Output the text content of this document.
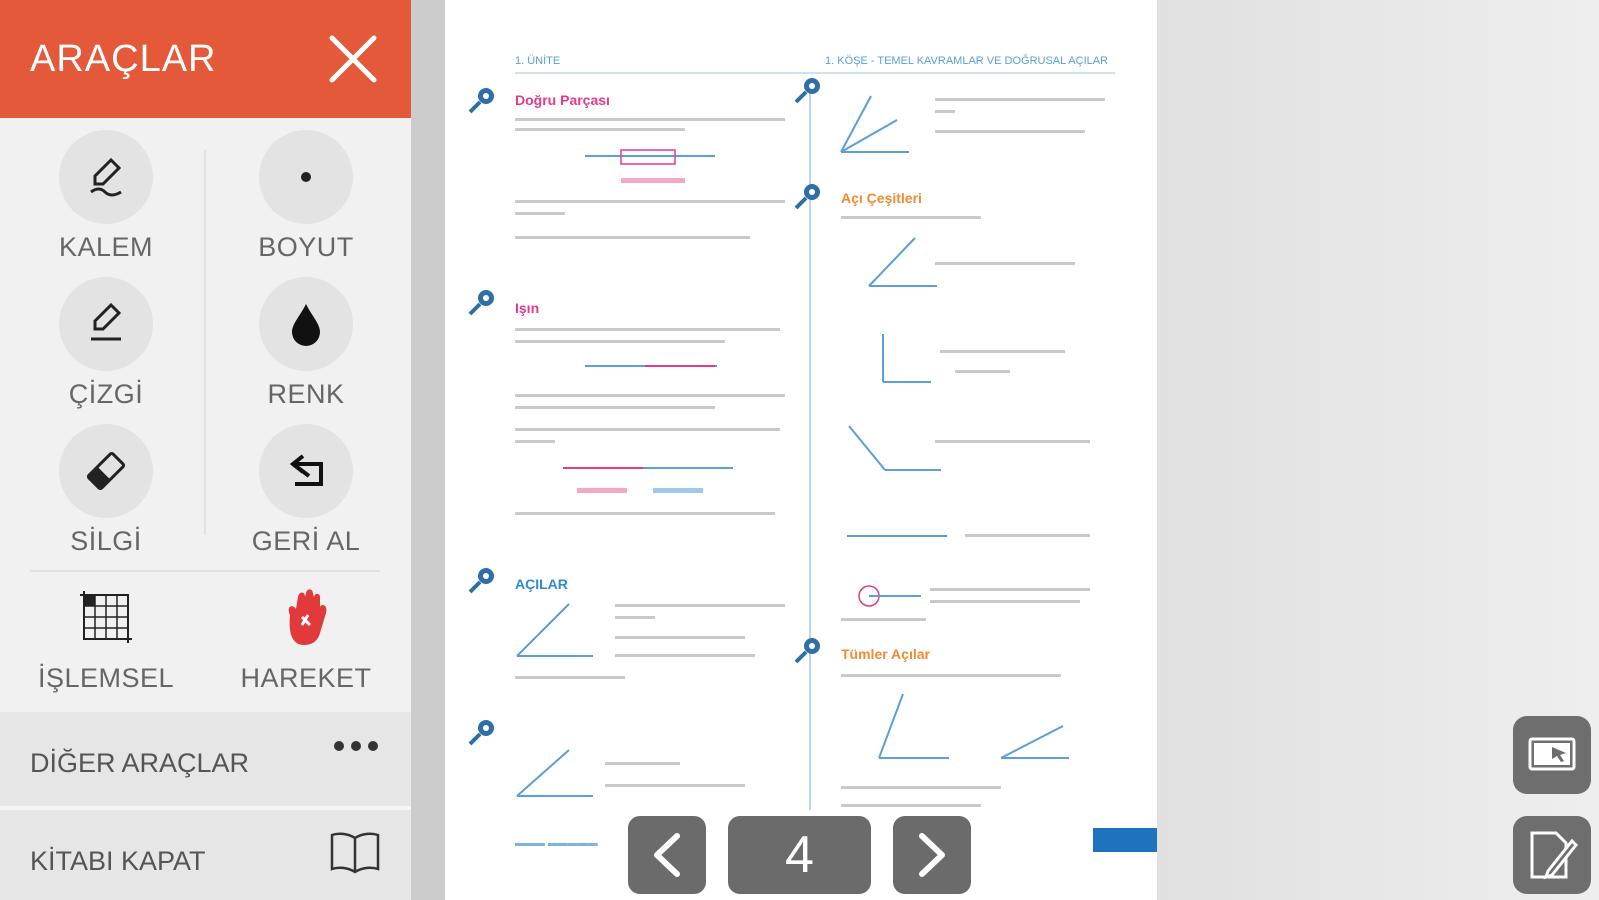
ARAÇLAR
KALEM	BOYUT
ÇİZGİ	RENK
SİLGİ	GERİ AL
İŞLEMSEL	HAREKET
DİĞER ARAÇLAR
KİTABI KAPAT
1. ÜNİTE	1. KÖŞE - TEMEL KAVRAMLAR VE DOĞRUSAL AÇILAR
Doğru Parçası
Işın
AÇILAR
Açı Çeşitleri
Tümler Açılar
▬▬▬ ▬▬▬▬▬	4
